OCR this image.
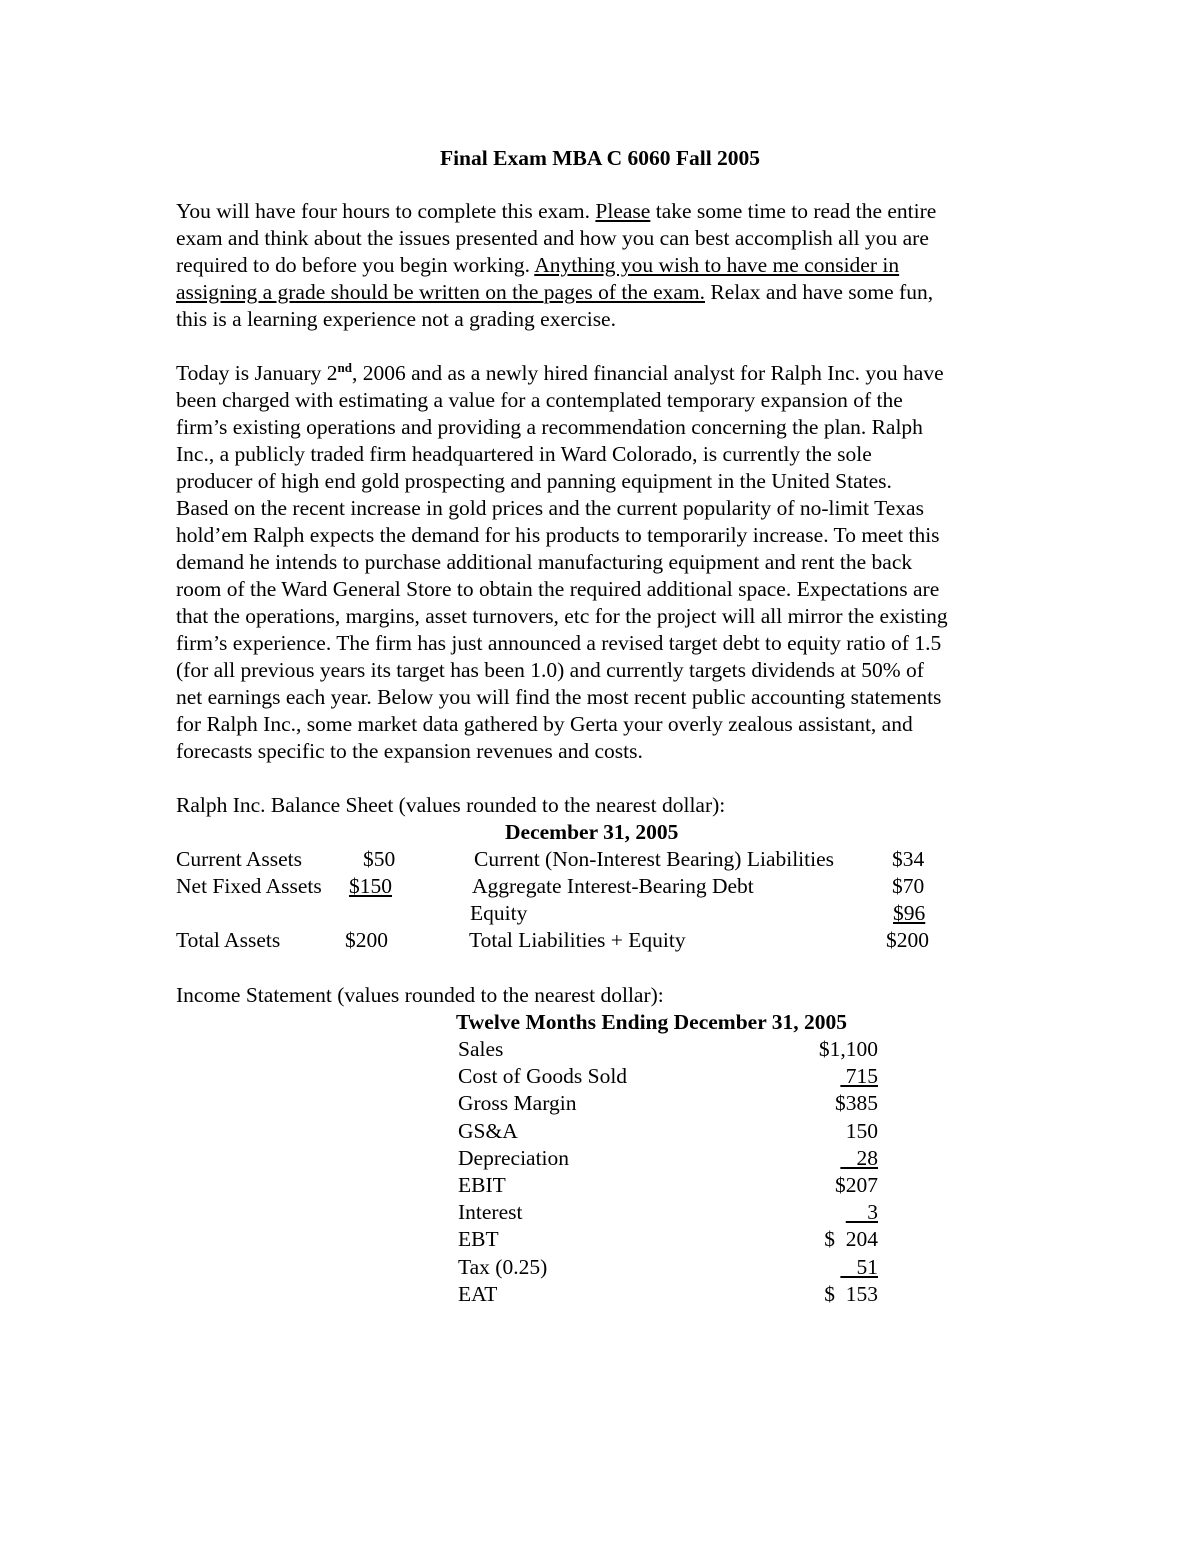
Final Exam MBA C 6060 Fall 2005
You will have four hours to complete this exam. Please take some time to read the entire
exam and think about the issues presented and how you can best accomplish all you are
required to do before you begin working. Anything you wish to have me consider in
assigning a grade should be written on the pages of the exam. Relax and have some fun,
this is a learning experience not a grading exercise.
Today is January 2nd, 2006 and as a newly hired financial analyst for Ralph Inc. you have
been charged with estimating a value for a contemplated temporary expansion of the
firm’s existing operations and providing a recommendation concerning the plan. Ralph
Inc., a publicly traded firm headquartered in Ward Colorado, is currently the sole
producer of high end gold prospecting and panning equipment in the United States.
Based on the recent increase in gold prices and the current popularity of no-limit Texas
hold’em Ralph expects the demand for his products to temporarily increase. To meet this
demand he intends to purchase additional manufacturing equipment and rent the back
room of the Ward General Store to obtain the required additional space. Expectations are
that the operations, margins, asset turnovers, etc for the project will all mirror the existing
firm’s experience. The firm has just announced a revised target debt to equity ratio of 1.5
(for all previous years its target has been 1.0) and currently targets dividends at 50% of
net earnings each year. Below you will find the most recent public accounting statements
for Ralph Inc., some market data gathered by Gerta your overly zealous assistant, and
forecasts specific to the expansion revenues and costs.
Ralph Inc. Balance Sheet (values rounded to the nearest dollar):
December 31, 2005
Current Assets	$50	Current (Non-Interest Bearing) Liabilities	$34
Net Fixed Assets $150	Aggregate Interest-Bearing Debt	$70
Equity	$96
Total Assets	$200	Total Liabilities + Equity	$200
Income Statement (values rounded to the nearest dollar):
Twelve Months Ending December 31, 2005
Sales	$1,100
Cost of Goods Sold	715
Gross Margin	$385
GS&A	150
Depreciation	28
EBIT	$207
Interest	3
EBT	$  204
Tax (0.25)	51
EAT	$  153
